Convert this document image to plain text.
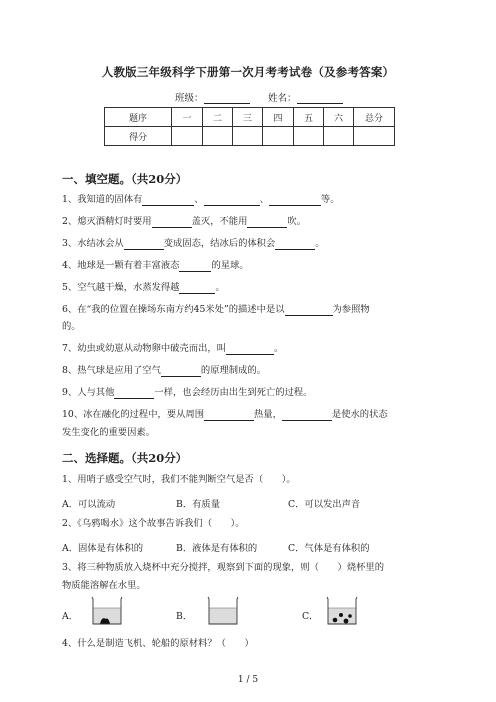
人教版三年级科学下册第一次月考考试卷（及参考答案）
班级：	姓名：
题序	一	二	三	四	五	六	总分
得分							
一、填空题。（共20分）
1、我知道的固体有	、	、	等。
2、熄灭酒精灯时要用	盖灭，不能用	吹。
3、水结冰会从	变成固态，结冰后的体积会	。
4、地球是一颗有着丰富液态	的星球。
5、空气越干燥，水蒸发得越	。
6、在“我的位置在操场东南方约45米处”的描述中是以	为参照物
的。
7、幼虫或幼崽从动物卵中破壳而出，叫	。
8、热气球是应用了空气	的原理制成的。
9、人与其他	一样，也会经历由出生到死亡的过程。
10、冰在融化的过程中，要从周围	热量，	是使水的状态
发生变化的重要因素。
二、选择题。（共20分）
1、用哨子感受空气时，我们不能判断空气是否（　　）。
A．可以流动	B．有质量	C．可以发出声音
2、《乌鸦喝水》这个故事告诉我们（　　）。
A．固体是有体积的	B．液体是有体积的	C．气体是有体积的
3、将三种物质放入烧杯中充分搅拌，观察到下面的现象，则（　　）烧杯里的
物质能溶解在水里。
A．	B．	C．
4、什么是制造飞机、轮船的原材料？（　　）
1 / 5
